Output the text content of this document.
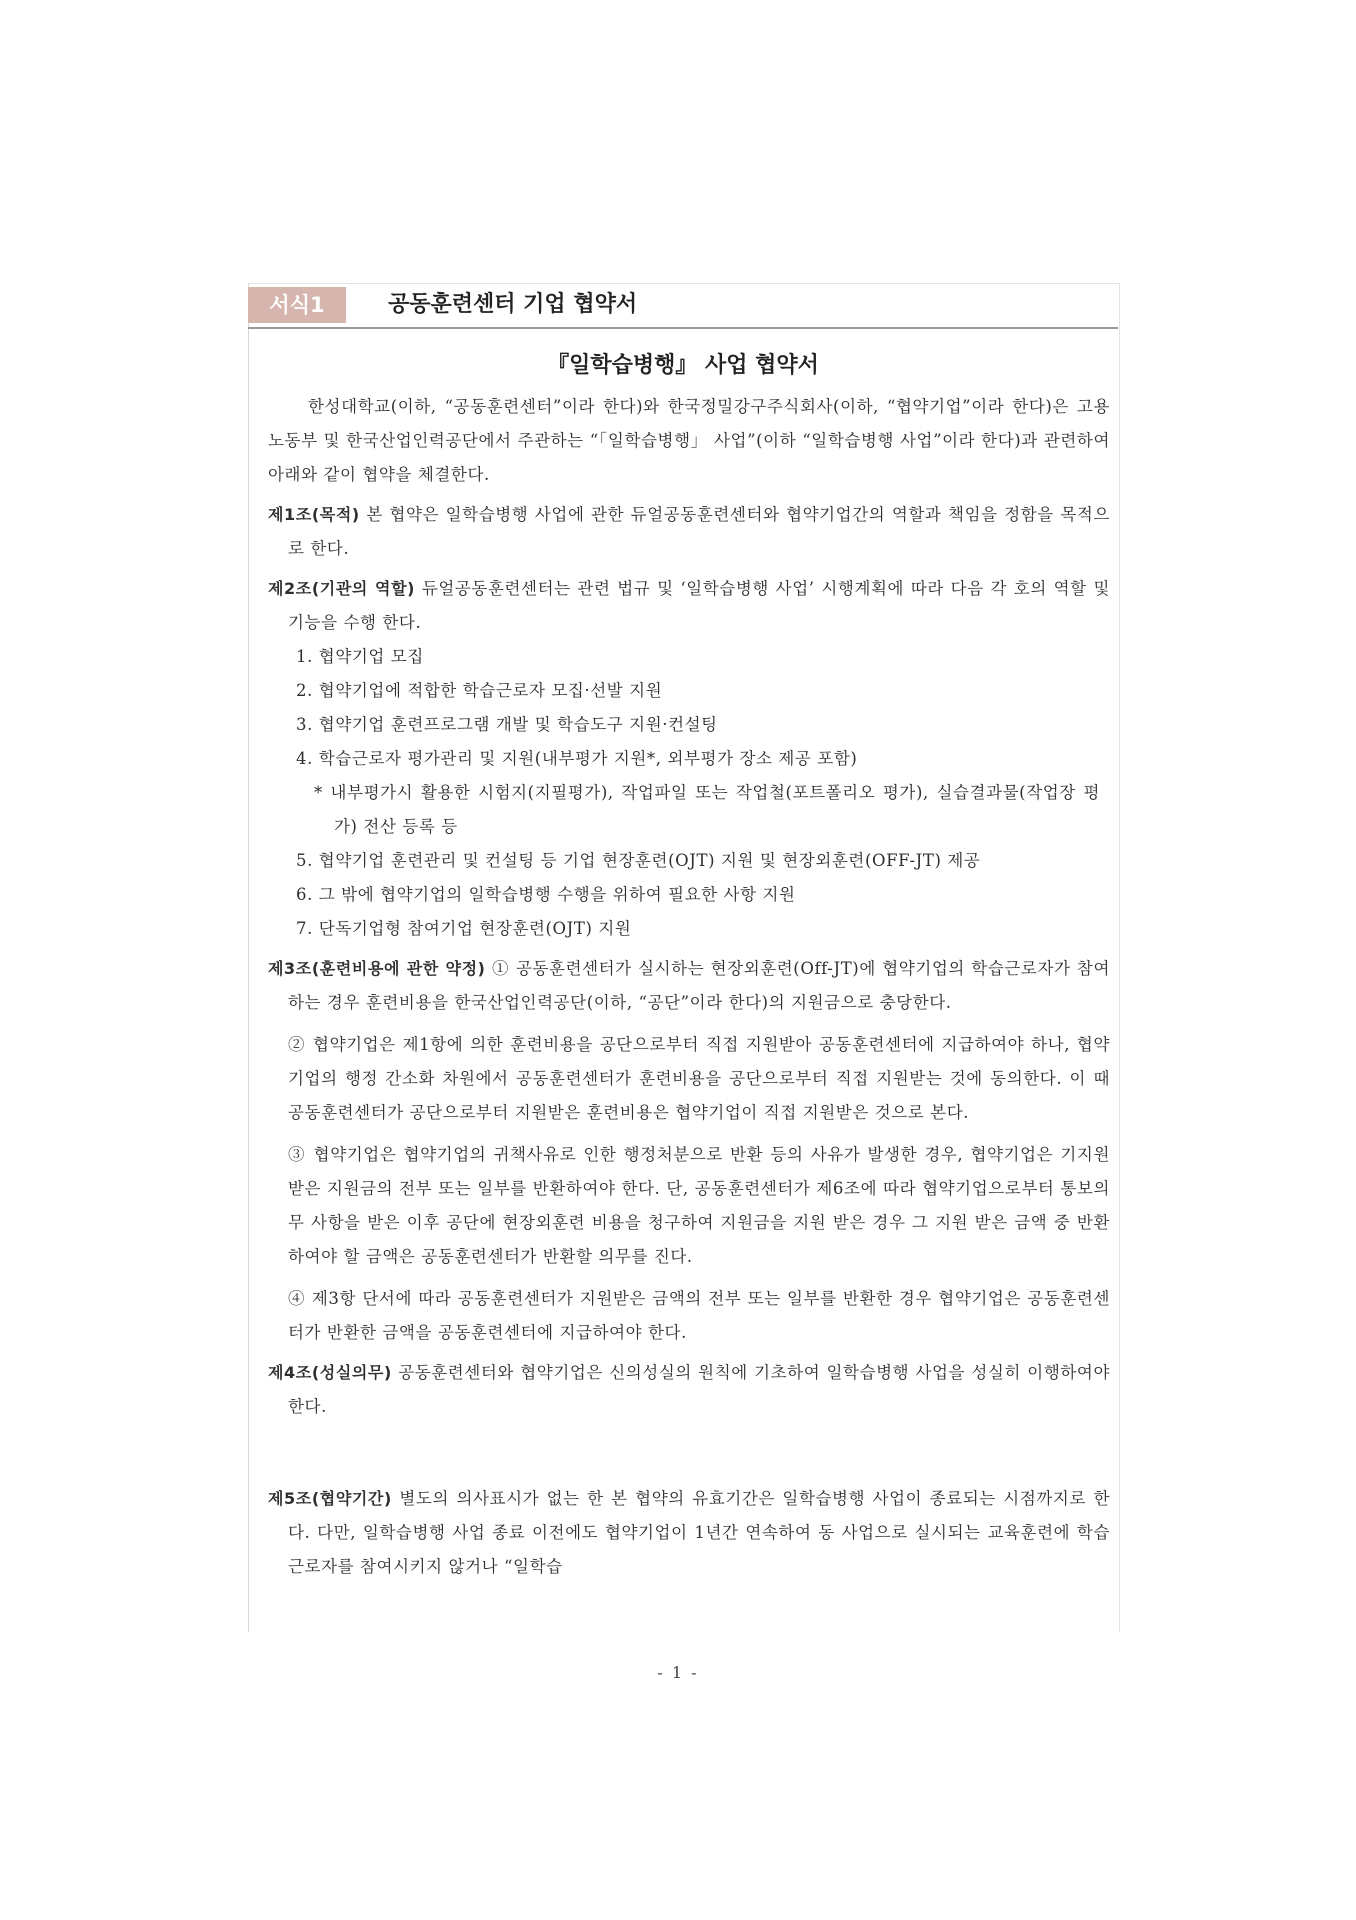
서식1	공동훈련센터 기업 협약서
『일학습병행』 사업 협약서

한성대학교(이하, “공동훈련센터”이라 한다)와 한국정밀강구주식회사(이하, “협약기업”이라 한다)은 고용노동부 및 한국산업인력공단에서 주관하는 “「일학습병행」 사업”(이하 “일학습병행 사업”이라 한다)과 관련하여 아래와 같이 협약을 체결한다.

제1조(목적) 본 협약은 일학습병행 사업에 관한 듀얼공동훈련센터와 협약기업간의 역할과 책임을 정함을 목적으로 한다.
제2조(기관의 역할) 듀얼공동훈련센터는 관련 법규 및 ‘일학습병행 사업’ 시행계획에 따라 다음 각 호의 역할 및 기능을 수행 한다.
1. 협약기업 모집
2. 협약기업에 적합한 학습근로자 모집·선발 지원
3. 협약기업 훈련프로그램 개발 및 학습도구 지원·컨설팅
4. 학습근로자 평가관리 및 지원(내부평가 지원*, 외부평가 장소 제공 포함)
* 내부평가시 활용한 시험지(지필평가), 작업파일 또는 작업철(포트폴리오 평가), 실습결과물(작업장 평가) 전산 등록 등
5. 협약기업 훈련관리 및 컨설팅 등 기업 현장훈련(OJT) 지원 및 현장외훈련(OFF-JT) 제공
6. 그 밖에 협약기업의 일학습병행 수행을 위하여 필요한 사항 지원
7. 단독기업형 참여기업 현장훈련(OJT) 지원
제3조(훈련비용에 관한 약정) ① 공동훈련센터가 실시하는 현장외훈련(Off-JT)에 협약기업의 학습근로자가 참여하는 경우 훈련비용을 한국산업인력공단(이하, “공단”이라 한다)의 지원금으로 충당한다.

② 협약기업은 제1항에 의한 훈련비용을 공단으로부터 직접 지원받아 공동훈련센터에 지급하여야 하나, 협약기업의 행정 간소화 차원에서 공동훈련센터가 훈련비용을 공단으로부터 직접 지원받는 것에 동의한다. 이 때 공동훈련센터가 공단으로부터 지원받은 훈련비용은 협약기업이 직접 지원받은 것으로 본다.

③ 협약기업은 협약기업의 귀책사유로 인한 행정처분으로 반환 등의 사유가 발생한 경우, 협약기업은 기지원 받은 지원금의 전부 또는 일부를 반환하여야 한다. 단, 공동훈련센터가 제6조에 따라 협약기업으로부터 통보의무 사항을 받은 이후 공단에 현장외훈련 비용을 청구하여 지원금을 지원 받은 경우 그 지원 받은 금액 중 반환하여야 할 금액은 공동훈련센터가 반환할 의무를 진다.

④ 제3항 단서에 따라 공동훈련센터가 지원받은 금액의 전부 또는 일부를 반환한 경우 협약기업은 공동훈련센터가 반환한 금액을 공동훈련센터에 지급하여야 한다.

제4조(성실의무) 공동훈련센터와 협약기업은 신의성실의 원칙에 기초하여 일학습병행 사업을 성실히 이행하여야 한다.
제5조(협약기간) 별도의 의사표시가 없는 한 본 협약의 유효기간은 일학습병행 사업이 종료되는 시점까지로 한다. 다만, 일학습병행 사업 종료 이전에도 협약기업이 1년간 연속하여 동 사업으로 실시되는 교육훈련에 학습근로자를 참여시키지 않거나 “일학습
- 1 -
